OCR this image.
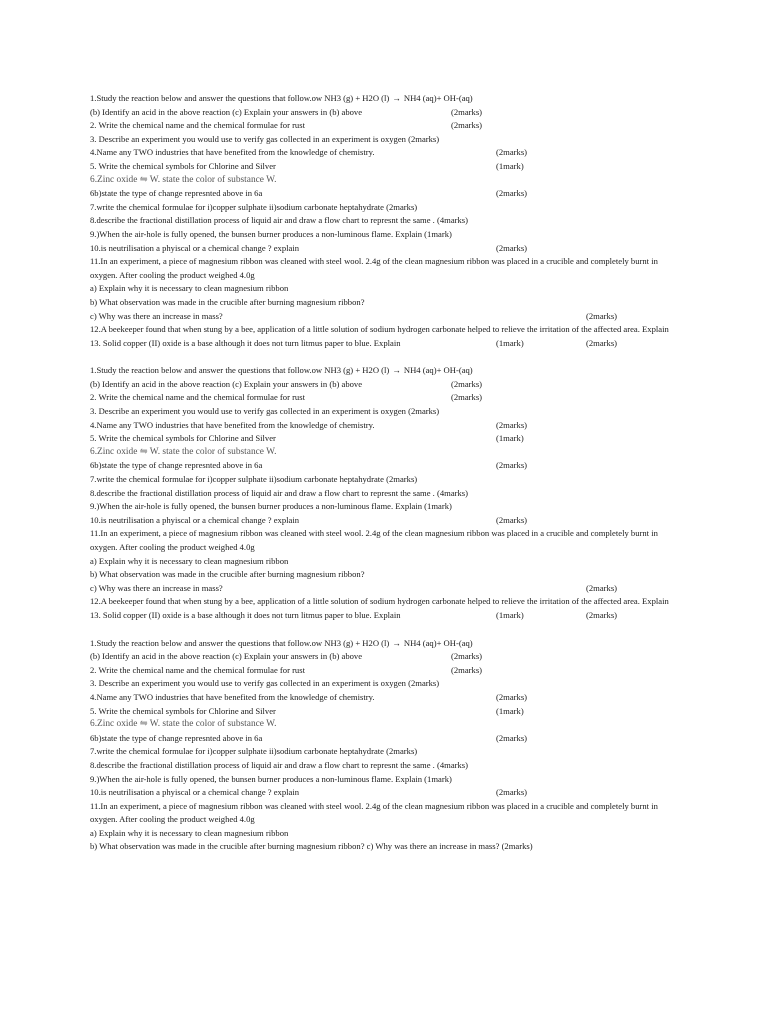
1.Study the reaction below and answer the questions that follow.ow NH3 (g) + H2O (l) → NH4 (aq)+ OH-(aq)
(b) Identify an acid in the above reaction (c) Explain your answers in (b) above	(2marks)
2. Write the chemical name and the chemical formulae for rust	(2marks)
3. Describe an experiment you would use to verify gas collected in an experiment is oxygen (2marks)
4.Name any TWO industries that have benefited from the knowledge of chemistry.	(2marks)
5. Write the chemical symbols for Chlorine and Silver	(1mark)
6.Zinc oxide ⇋ W. state the color of substance W.
6b)state the type of change represnted above in 6a	(2marks)
7.write the chemical formulae for i)copper sulphate ii)sodium carbonate heptahydrate (2marks)
8.describe the fractional distillation process of liquid air and draw a flow chart to represnt the same . (4marks)
9.)When the air-hole is fully opened, the bunsen burner produces a non-luminous flame. Explain (1mark)
10.is neutrilisation a phyiscal or a chemical change ? explain	(2marks)
11.In an experiment, a piece of magnesium ribbon was cleaned with steel wool. 2.4g of the clean magnesium ribbon was placed in a crucible and completely burnt in oxygen. After cooling the product weighed 4.0g
a) Explain why it is necessary to clean magnesium ribbon
b) What observation was made in the crucible after burning magnesium ribbon?
c) Why was there an increase in mass?	(2marks)
12.A beekeeper found that when stung by a bee, application of a little solution of sodium hydrogen carbonate helped to relieve the irritation of the affected area. Explain
(1mark)
13. Solid copper (II) oxide is a base although it does not turn litmus paper to blue. Explain	(2marks)
1.Study the reaction below and answer the questions that follow.ow NH3 (g) + H2O (l) → NH4 (aq)+ OH-(aq)
(b) Identify an acid in the above reaction (c) Explain your answers in (b) above	(2marks)
2. Write the chemical name and the chemical formulae for rust	(2marks)
3. Describe an experiment you would use to verify gas collected in an experiment is oxygen (2marks)
4.Name any TWO industries that have benefited from the knowledge of chemistry.	(2marks)
5. Write the chemical symbols for Chlorine and Silver	(1mark)
6.Zinc oxide ⇋ W. state the color of substance W.
6b)state the type of change represnted above in 6a	(2marks)
7.write the chemical formulae for i)copper sulphate ii)sodium carbonate heptahydrate (2marks)
8.describe the fractional distillation process of liquid air and draw a flow chart to represnt the same . (4marks)
9.)When the air-hole is fully opened, the bunsen burner produces a non-luminous flame. Explain (1mark)
10.is neutrilisation a phyiscal or a chemical change ? explain	(2marks)
11.In an experiment, a piece of magnesium ribbon was cleaned with steel wool. 2.4g of the clean magnesium ribbon was placed in a crucible and completely burnt in oxygen. After cooling the product weighed 4.0g
a) Explain why it is necessary to clean magnesium ribbon
b) What observation was made in the crucible after burning magnesium ribbon?
c) Why was there an increase in mass?	(2marks)
12.A beekeeper found that when stung by a bee, application of a little solution of sodium hydrogen carbonate helped to relieve the irritation of the affected area. Explain
(1mark)
13. Solid copper (II) oxide is a base although it does not turn litmus paper to blue. Explain	(2marks)
1.Study the reaction below and answer the questions that follow.ow NH3 (g) + H2O (l) → NH4 (aq)+ OH-(aq)
(b) Identify an acid in the above reaction (c) Explain your answers in (b) above	(2marks)
2. Write the chemical name and the chemical formulae for rust	(2marks)
3. Describe an experiment you would use to verify gas collected in an experiment is oxygen (2marks)
4.Name any TWO industries that have benefited from the knowledge of chemistry.	(2marks)
5. Write the chemical symbols for Chlorine and Silver	(1mark)
6.Zinc oxide ⇋ W. state the color of substance W.
6b)state the type of change represnted above in 6a	(2marks)
7.write the chemical formulae for i)copper sulphate ii)sodium carbonate heptahydrate (2marks)
8.describe the fractional distillation process of liquid air and draw a flow chart to represnt the same . (4marks)
9.)When the air-hole is fully opened, the bunsen burner produces a non-luminous flame. Explain (1mark)
10.is neutrilisation a phyiscal or a chemical change ? explain	(2marks)
11.In an experiment, a piece of magnesium ribbon was cleaned with steel wool. 2.4g of the clean magnesium ribbon was placed in a crucible and completely burnt in oxygen. After cooling the product weighed 4.0g
a) Explain why it is necessary to clean magnesium ribbon
b) What observation was made in the crucible after burning magnesium ribbon? c) Why was there an increase in mass? (2marks)
